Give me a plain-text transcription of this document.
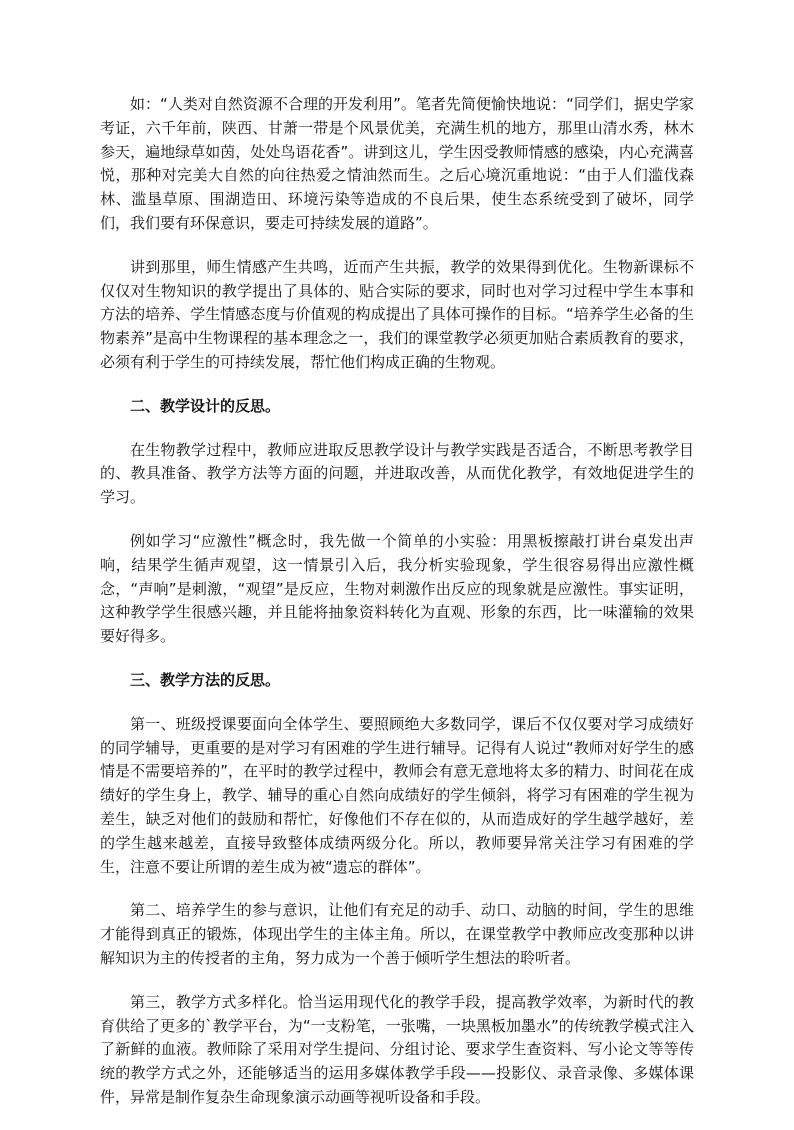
如：“人类对自然资源不合理的开发利用”。笔者先简便愉快地说：“同学们，据史学家考证，六千年前，陕西、甘萧一带是个风景优美，充满生机的地方，那里山清水秀，林木参天，遍地绿草如茵，处处鸟语花香”。讲到这儿，学生因受教师情感的感染，内心充满喜悦，那种对完美大自然的向往热爱之情油然而生。之后心境沉重地说：“由于人们滥伐森林、滥垦草原、围湖造田、环境污染等造成的不良后果，使生态系统受到了破坏，同学们，我们要有环保意识，要走可持续发展的道路”。

讲到那里，师生情感产生共鸣，近而产生共振，教学的效果得到优化。生物新课标不仅仅对生物知识的教学提出了具体的、贴合实际的要求，同时也对学习过程中学生本事和方法的培养、学生情感态度与价值观的构成提出了具体可操作的目标。“培养学生必备的生物素养”是高中生物课程的基本理念之一，我们的课堂教学必须更加贴合素质教育的要求，必须有利于学生的可持续发展，帮忙他们构成正确的生物观。

二、教学设计的反思。

在生物教学过程中，教师应进取反思教学设计与教学实践是否适合，不断思考教学目的、教具准备、教学方法等方面的问题，并进取改善，从而优化教学，有效地促进学生的学习。

例如学习“应激性”概念时，我先做一个简单的小实验：用黑板擦敲打讲台桌发出声响，结果学生循声观望，这一情景引入后，我分析实验现象，学生很容易得出应激性概念，“声响”是刺激，“观望”是反应，生物对刺激作出反应的现象就是应激性。事实证明，这种教学学生很感兴趣，并且能将抽象资料转化为直观、形象的东西，比一味灌输的效果要好得多。

三、教学方法的反思。

第一、班级授课要面向全体学生、要照顾绝大多数同学，课后不仅仅要对学习成绩好的同学辅导，更重要的是对学习有困难的学生进行辅导。记得有人说过“教师对好学生的感情是不需要培养的”，在平时的教学过程中，教师会有意无意地将太多的精力、时间花在成绩好的学生身上，教学、辅导的重心自然向成绩好的学生倾斜，将学习有困难的学生视为差生，缺乏对他们的鼓励和帮忙，好像他们不存在似的，从而造成好的学生越学越好，差的学生越来越差，直接导致整体成绩两级分化。所以，教师要异常关注学习有困难的学生，注意不要让所谓的差生成为被“遗忘的群体”。

第二、培养学生的参与意识，让他们有充足的动手、动口、动脑的时间，学生的思维才能得到真正的锻炼，体现出学生的主体主角。所以，在课堂教学中教师应改变那种以讲解知识为主的传授者的主角，努力成为一个善于倾听学生想法的聆听者。

第三，教学方式多样化。恰当运用现代化的教学手段，提高教学效率，为新时代的教育供给了更多的`教学平台，为“一支粉笔，一张嘴，一块黑板加墨水”的传统教学模式注入了新鲜的血液。教师除了采用对学生提问、分组讨论、要求学生查资料、写小论文等等传统的教学方式之外，还能够适当的运用多媒体教学手段——投影仪、录音录像、多媒体课件，异常是制作复杂生命现象演示动画等视听设备和手段。
